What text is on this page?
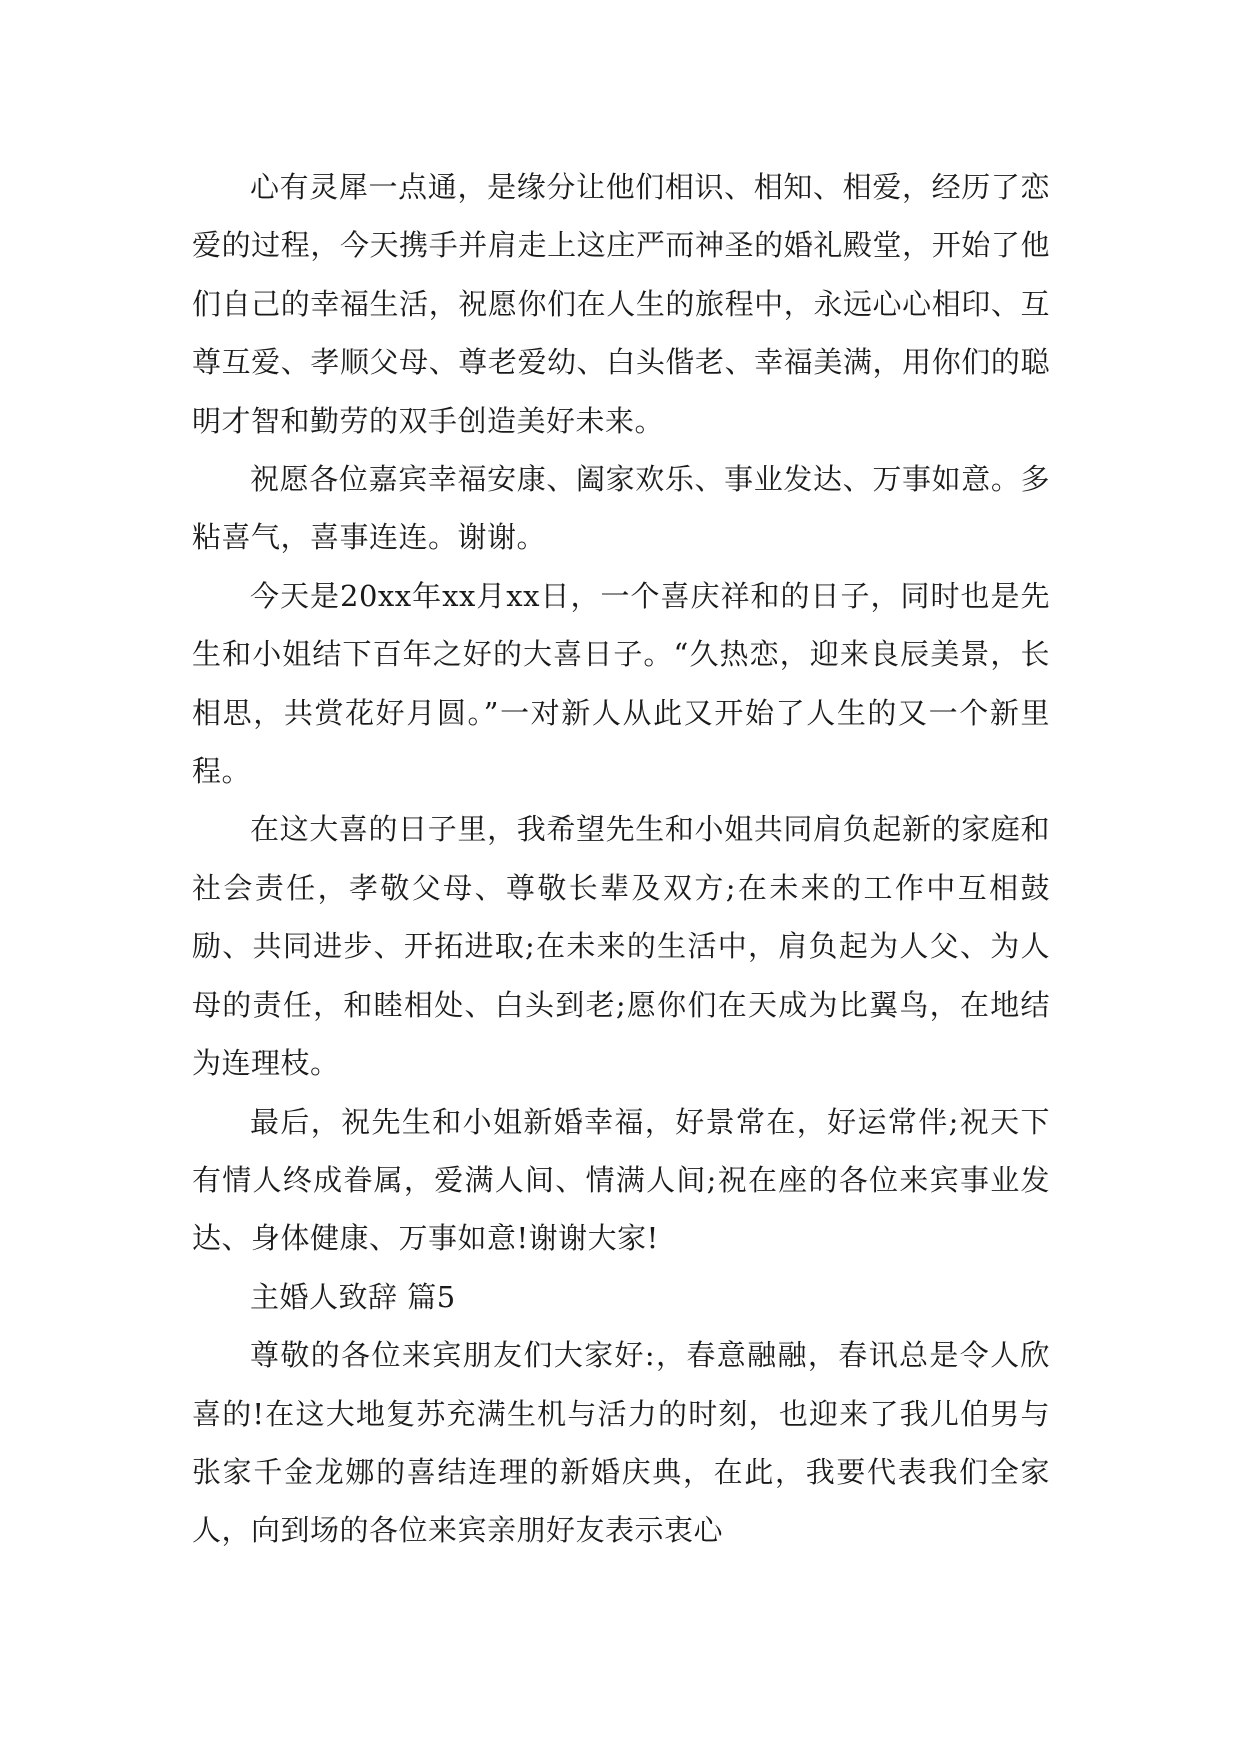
心有灵犀一点通，是缘分让他们相识、相知、相爱，经历了恋爱的过程，今天携手并肩走上这庄严而神圣的婚礼殿堂，开始了他们自己的幸福生活，祝愿你们在人生的旅程中，永远心心相印、互尊互爱、孝顺父母、尊老爱幼、白头偕老、幸福美满，用你们的聪明才智和勤劳的双手创造美好未来。

祝愿各位嘉宾幸福安康、阖家欢乐、事业发达、万事如意。多粘喜气，喜事连连。谢谢。

今天是20xx年xx月xx日，一个喜庆祥和的日子，同时也是先生和小姐结下百年之好的大喜日子。“久热恋，迎来良辰美景，长相思，共赏花好月圆。”一对新人从此又开始了人生的又一个新里程。

在这大喜的日子里，我希望先生和小姐共同肩负起新的家庭和社会责任，孝敬父母、尊敬长辈及双方;在未来的工作中互相鼓励、共同进步、开拓进取;在未来的生活中，肩负起为人父、为人母的责任，和睦相处、白头到老;愿你们在天成为比翼鸟，在地结为连理枝。

最后，祝先生和小姐新婚幸福，好景常在，好运常伴;祝天下有情人终成眷属，爱满人间、情满人间;祝在座的各位来宾事业发达、身体健康、万事如意!谢谢大家!

主婚人致辞 篇5

尊敬的各位来宾朋友们大家好:，春意融融，春讯总是令人欣喜的!在这大地复苏充满生机与活力的时刻，也迎来了我儿伯男与张家千金龙娜的喜结连理的新婚庆典，在此，我要代表我们全家人，向到场的各位来宾亲朋好友表示衷心
